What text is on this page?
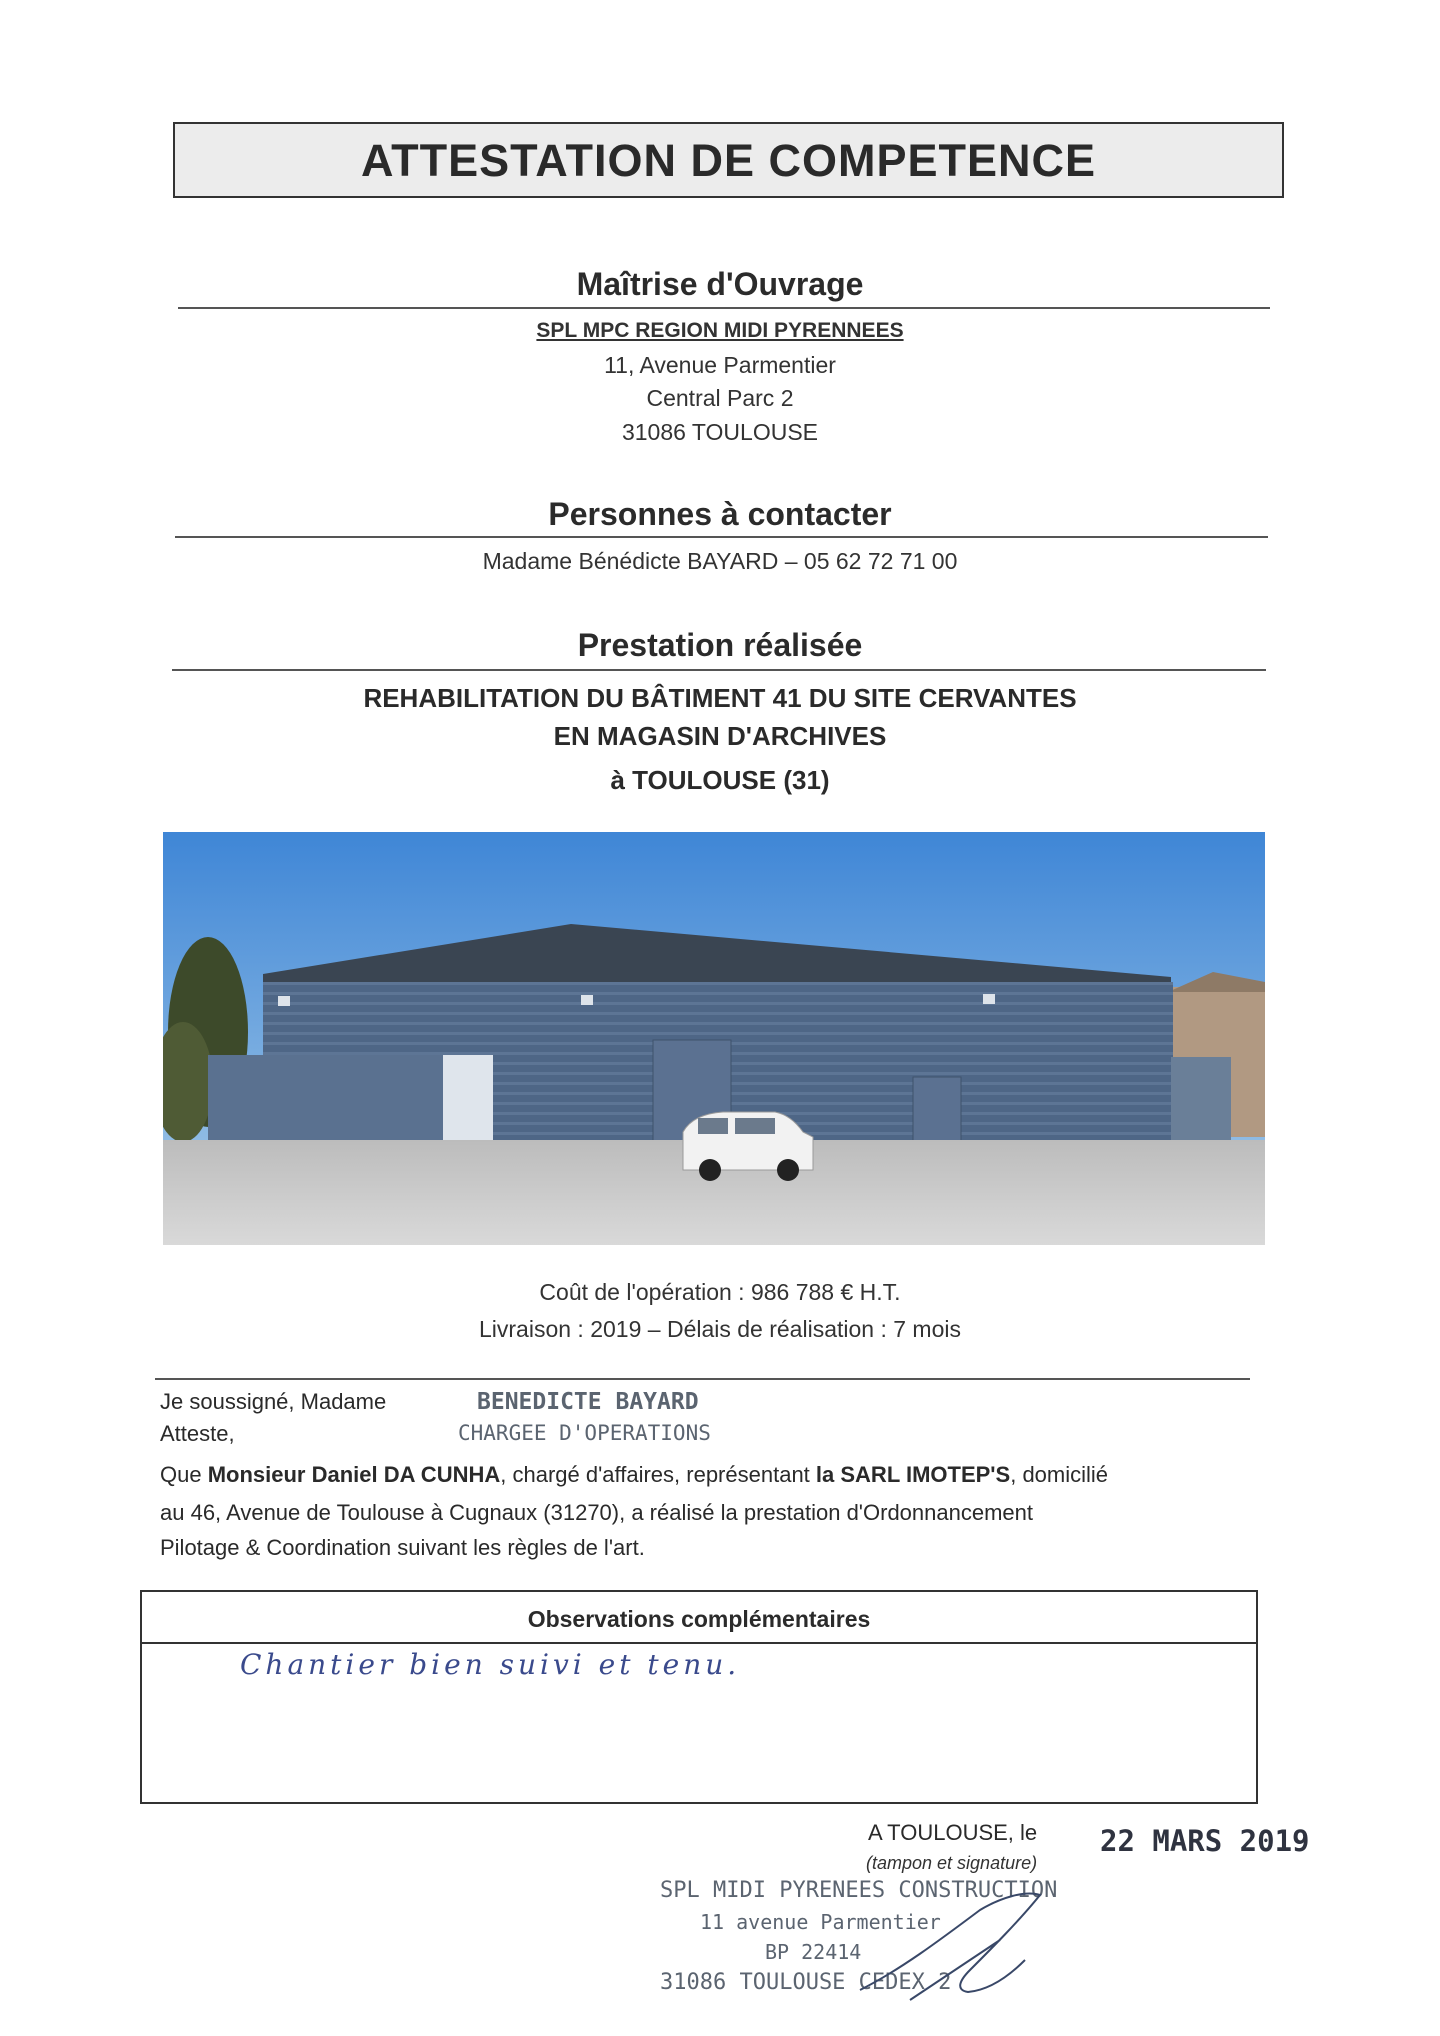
ATTESTATION DE COMPETENCE
Maîtrise d'Ouvrage
SPL MPC REGION MIDI PYRENNEES
11, Avenue Parmentier
Central Parc 2
31086 TOULOUSE
Personnes à contacter
Madame Bénédicte BAYARD – 05 62 72 71 00
Prestation réalisée
REHABILITATION DU BÂTIMENT 41 DU SITE CERVANTES
EN MAGASIN D'ARCHIVES
à TOULOUSE (31)
Coût de l'opération : 986 788 € H.T.
Livraison : 2019 – Délais de réalisation : 7 mois
Je soussigné, Madame	BENEDICTE BAYARD
Atteste,	CHARGEE D'OPERATIONS
Que Monsieur Daniel DA CUNHA, chargé d'affaires, représentant la SARL IMOTEP'S, domicilié
au 46, Avenue de Toulouse à Cugnaux (31270), a réalisé la prestation d'Ordonnancement
Pilotage & Coordination suivant les règles de l'art.
Observations complémentaires
Chantier bien suivi et tenu.
A TOULOUSE, le
(tampon et signature)
22 MARS 2019
SPL MIDI PYRENEES CONSTRUCTION
11 avenue Parmentier
BP 22414
31086 TOULOUSE CEDEX 2
